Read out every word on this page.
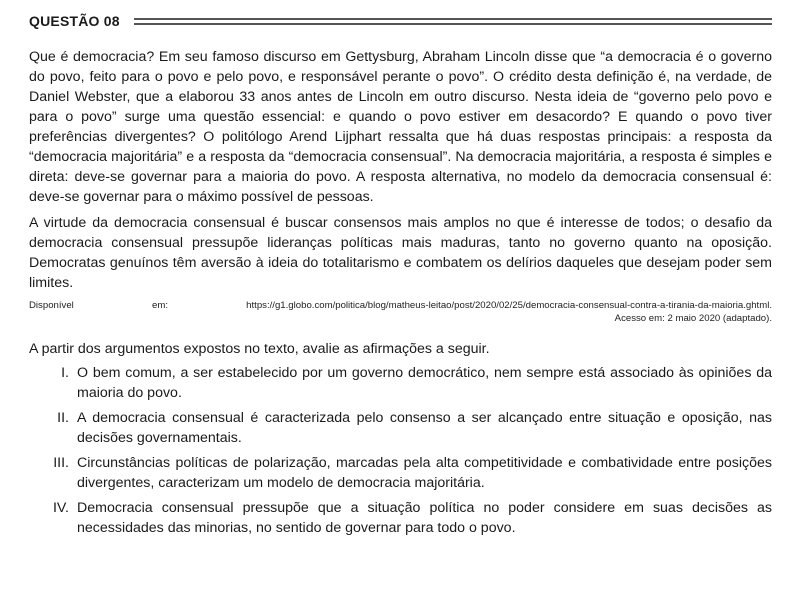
QUESTÃO 08

Que é democracia? Em seu famoso discurso em Gettysburg, Abraham Lincoln disse que “a democracia é o governo do povo, feito para o povo e pelo povo, e responsável perante o povo”. O crédito desta definição é, na verdade, de Daniel Webster, que a elaborou 33 anos antes de Lincoln em outro discurso. Nesta ideia de “governo pelo povo e para o povo” surge uma questão essencial: e quando o povo estiver em desacordo? E quando o povo tiver preferências divergentes? O politólogo Arend Lijphart ressalta que há duas respostas principais: a resposta da “democracia majoritária” e a resposta da “democracia consensual”. Na democracia majoritária, a resposta é simples e direta: deve-se governar para a maioria do povo. A resposta alternativa, no modelo da democracia consensual é: deve-se governar para o máximo possível de pessoas.

A virtude da democracia consensual é buscar consensos mais amplos no que é interesse de todos; o desafio da democracia consensual pressupõe lideranças políticas mais maduras, tanto no governo quanto na oposição. Democratas genuínos têm aversão à ideia do totalitarismo e combatem os delírios daqueles que desejam poder sem limites.

Disponível em: https://g1.globo.com/politica/blog/matheus-leitao/post/2020/02/25/democracia-consensual-contra-a-tirania-da-maioria.ghtml.
Acesso em: 2 maio 2020 (adaptado).

A partir dos argumentos expostos no texto, avalie as afirmações a seguir.

I. O bem comum, a ser estabelecido por um governo democrático, nem sempre está associado às opiniões da maioria do povo.
II. A democracia consensual é caracterizada pelo consenso a ser alcançado entre situação e oposição, nas decisões governamentais.
III. Circunstâncias políticas de polarização, marcadas pela alta competitividade e combatividade entre posições divergentes, caracterizam um modelo de democracia majoritária.
IV. Democracia consensual pressupõe que a situação política no poder considere em suas decisões as necessidades das minorias, no sentido de governar para todo o povo.
